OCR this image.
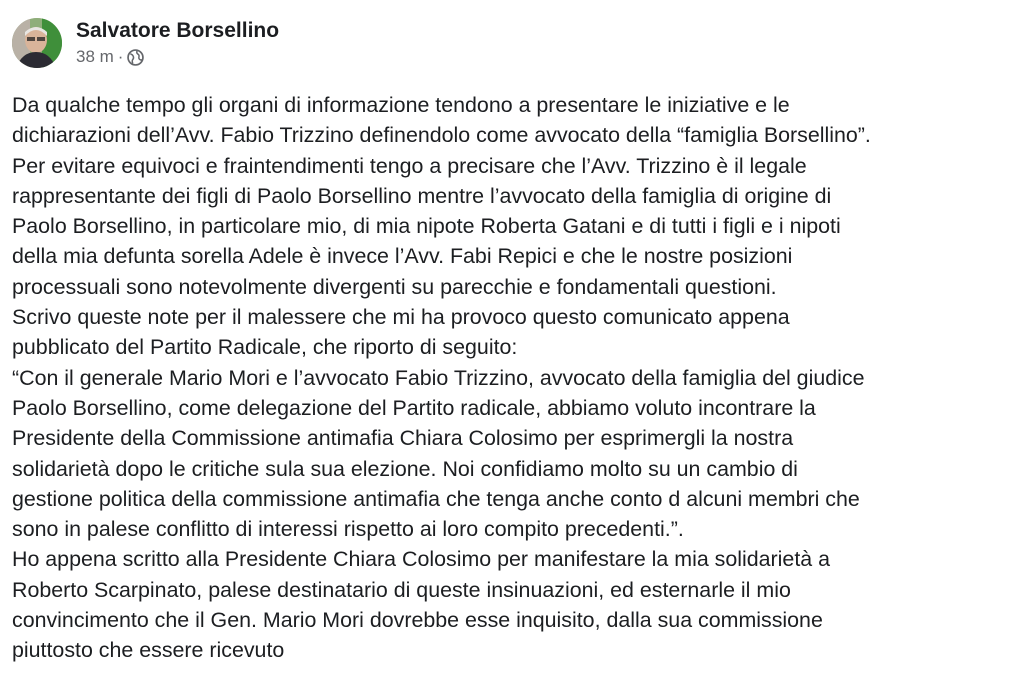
Salvatore Borsellino
38 m ·
Da qualche tempo gli organi di informazione tendono a presentare le iniziative e le
dichiarazioni dell’Avv. Fabio Trizzino definendolo come avvocato della “famiglia Borsellino”.
Per evitare equivoci e fraintendimenti tengo a precisare che l’Avv. Trizzino è il legale
rappresentante dei figli di Paolo Borsellino mentre l’avvocato della famiglia di origine di
Paolo Borsellino, in particolare mio, di mia nipote Roberta Gatani e di tutti i figli e i nipoti
della mia defunta sorella Adele è invece l’Avv. Fabi Repici e che le nostre posizioni
processuali sono notevolmente divergenti su parecchie e fondamentali questioni.
Scrivo queste note per il malessere che mi ha provoco questo comunicato appena
pubblicato del Partito Radicale, che riporto di seguito:
“Con il generale Mario Mori e l’avvocato Fabio Trizzino, avvocato della famiglia del giudice
Paolo Borsellino, come delegazione del Partito radicale, abbiamo voluto incontrare la
Presidente della Commissione antimafia Chiara Colosimo per esprimergli la nostra
solidarietà dopo le critiche sula sua elezione. Noi confidiamo molto su un cambio di
gestione politica della commissione antimafia che tenga anche conto d alcuni membri che
sono in palese conflitto di interessi rispetto ai loro compito precedenti.”.
Ho appena scritto alla Presidente Chiara Colosimo per manifestare la mia solidarietà a
Roberto Scarpinato, palese destinatario di queste insinuazioni, ed esternarle il mio
convincimento che il Gen. Mario Mori dovrebbe esse inquisito, dalla sua commissione
piuttosto che essere ricevuto
